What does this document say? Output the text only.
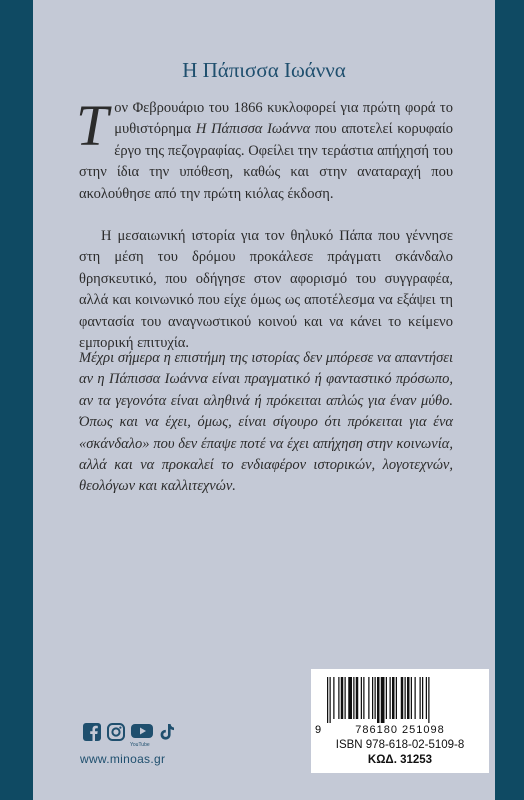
Η Πάπισσα Ιωάννα
Τον Φεβρουάριο του 1866 κυκλοφορεί για πρώτη φορά το μυθιστόρημα Η Πάπισσα Ιωάννα που αποτελεί κορυφαίο έργο της πεζογραφίας. Οφείλει την τεράστια απήχησή του στην ίδια την υπόθεση, καθώς και στην αναταραχή που ακολούθησε από την πρώτη κιόλας έκδοση.
Η μεσαιωνική ιστορία για τον θηλυκό Πάπα που γέννησε στη μέση του δρόμου προκάλεσε πράγματι σκάνδαλο θρησκευτικό, που οδήγησε στον αφορισμό του συγγραφέα, αλλά και κοινωνικό που είχε όμως ως αποτέλεσμα να εξάψει τη φαντασία του αναγνωστικού κοινού και να κάνει το κείμενο εμπορική επιτυχία.
Μέχρι σήμερα η επιστήμη της ιστορίας δεν μπόρεσε να απαντήσει αν η Πάπισσα Ιωάννα είναι πραγματικό ή φανταστικό πρόσωπο, αν τα γεγονότα είναι αληθινά ή πρόκειται απλώς για έναν μύθο. Όπως και να έχει, όμως, είναι σίγουρο ότι πρόκειται για ένα «σκάνδαλο» που δεν έπαψε ποτέ να έχει απήχηση στην κοινωνία, αλλά και να προκαλεί το ενδιαφέρον ιστορικών, λογοτεχνών, θεολόγων και καλλιτεχνών.
YouTube
www.minoas.gr
9	786180 251098
ISBN 978-618-02-5109-8
ΚΩΔ. 31253
